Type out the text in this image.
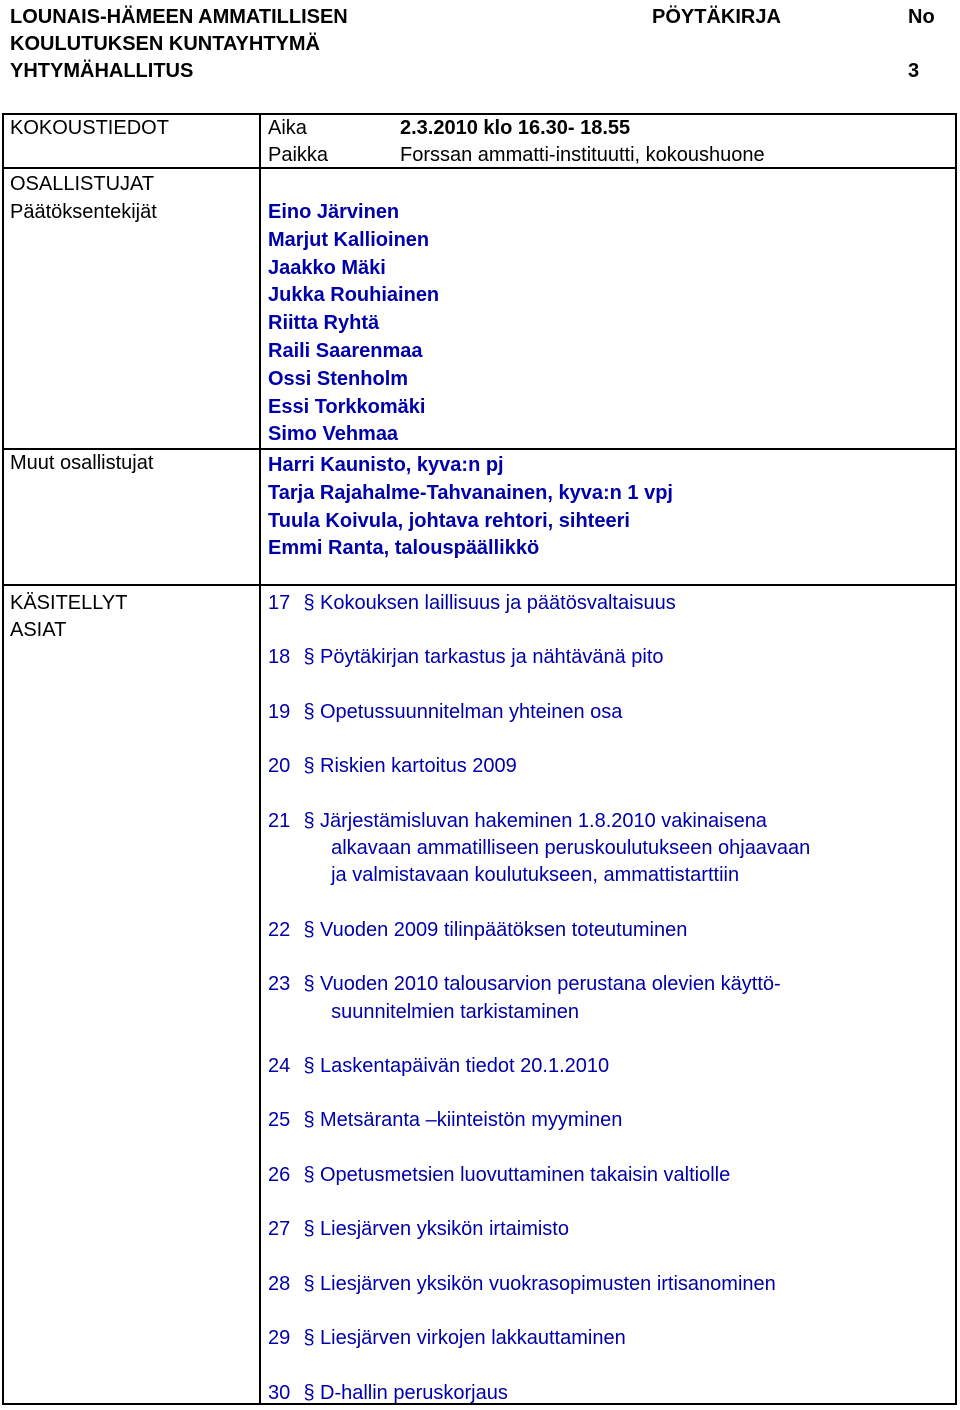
LOUNAIS-HÄMEEN AMMATILLISEN
KOULUTUKSEN KUNTAYHTYMÄ
YHTYMÄHALLITUS
PÖYTÄKIRJA	No
3
KOKOUSTIEDOT	Aika	2.3.2010 klo 16.30- 18.55
Paikka	Forssan ammatti-instituutti, kokoushuone
OSALLISTUJAT
Päätöksentekijät	Eino Järvinen
Marjut Kallioinen
Jaakko Mäki
Jukka Rouhiainen
Riitta Ryhtä
Raili Saarenmaa
Ossi Stenholm
Essi Torkkomäki
Simo Vehmaa
Muut osallistujat	Harri Kaunisto, kyva:n pj
Tarja Rajahalme-Tahvanainen, kyva:n 1 vpj
Tuula Koivula, johtava rehtori, sihteeri
Emmi Ranta, talouspäällikkö
KÄSITELLYT
ASIAT
17 § Kokouksen laillisuus ja päätösvaltaisuus
18 § Pöytäkirjan tarkastus ja nähtävänä pito
19 § Opetussuunnitelman yhteinen osa
20 § Riskien kartoitus 2009
21 § Järjestämisluvan hakeminen 1.8.2010 vakinaisena
alkavaan ammatilliseen peruskoulutukseen ohjaavaan
ja valmistavaan koulutukseen, ammattistarttiin
22 § Vuoden 2009 tilinpäätöksen toteutuminen
23 § Vuoden 2010 talousarvion perustana olevien käyttö-
suunnitelmien tarkistaminen
24 § Laskentapäivän tiedot 20.1.2010
25 § Metsäranta –kiinteistön myyminen
26 § Opetusmetsien luovuttaminen takaisin valtiolle
27 § Liesjärven yksikön irtaimisto
28 § Liesjärven yksikön vuokrasopimusten irtisanominen
29 § Liesjärven virkojen lakkauttaminen
30 § D-hallin peruskorjaus
